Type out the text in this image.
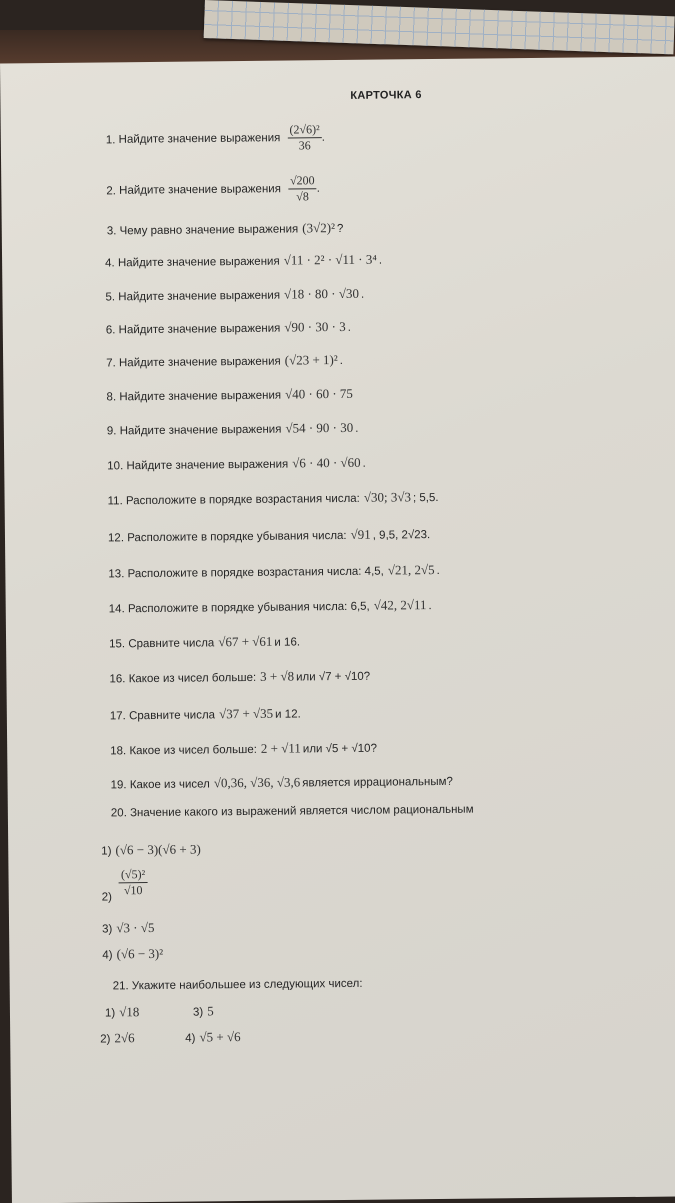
КАРТОЧКА 6
1. Найдите значение выражения $\frac{\text{(2√6)²}}{36}$ .
2. Найдите значение выражения $\frac{√200}{√8}$ .
3. Чему равно значение выражения (3√2)² ?
4. Найдите значение выражения √11 · 2² · √11 · 3⁴ .
5. Найдите значение выражения √18 · 80 · √30 .
6. Найдите значение выражения √90 · 30 · 3 .
7. Найдите значение выражения (√23 + 1)² .
8. Найдите значение выражения √40 · 60 · 75
9. Найдите значение выражения √54 · 90 · 30 .
10. Найдите значение выражения √6 · 40 · √60 .
11. Расположите в порядке возрастания числа: √30; 3√3 ; 5,5.
12. Расположите в порядке убывания числа: √91 , 9,5, 2√23.
13. Расположите в порядке возрастания числа: 4,5, √21, 2√5 .
14. Расположите в порядке убывания числа: 6,5, √42, 2√11 .
15. Сравните числа √67 + √61 и 16.
16. Какое из чисел больше: 3 + √8 или √7 + √10?
17. Сравните числа √37 + √35 и 12.
18. Какое из чисел больше: 2 + √11 или √5 + √10?
19. Какое из чисел √0,36, √36, √3,6 является иррациональным?
20. Значение какого из выражений является числом рациональным
1) (√6 − 3)(√6 + 3)
$2) \frac{\text{(√5)²}}{√10}$
3) √3 · √5
4) (√6 − 3)²
21. Укажите наибольшее из следующих чисел:
1) √18	3) 5
2) 2√6	4) √5 + √6
